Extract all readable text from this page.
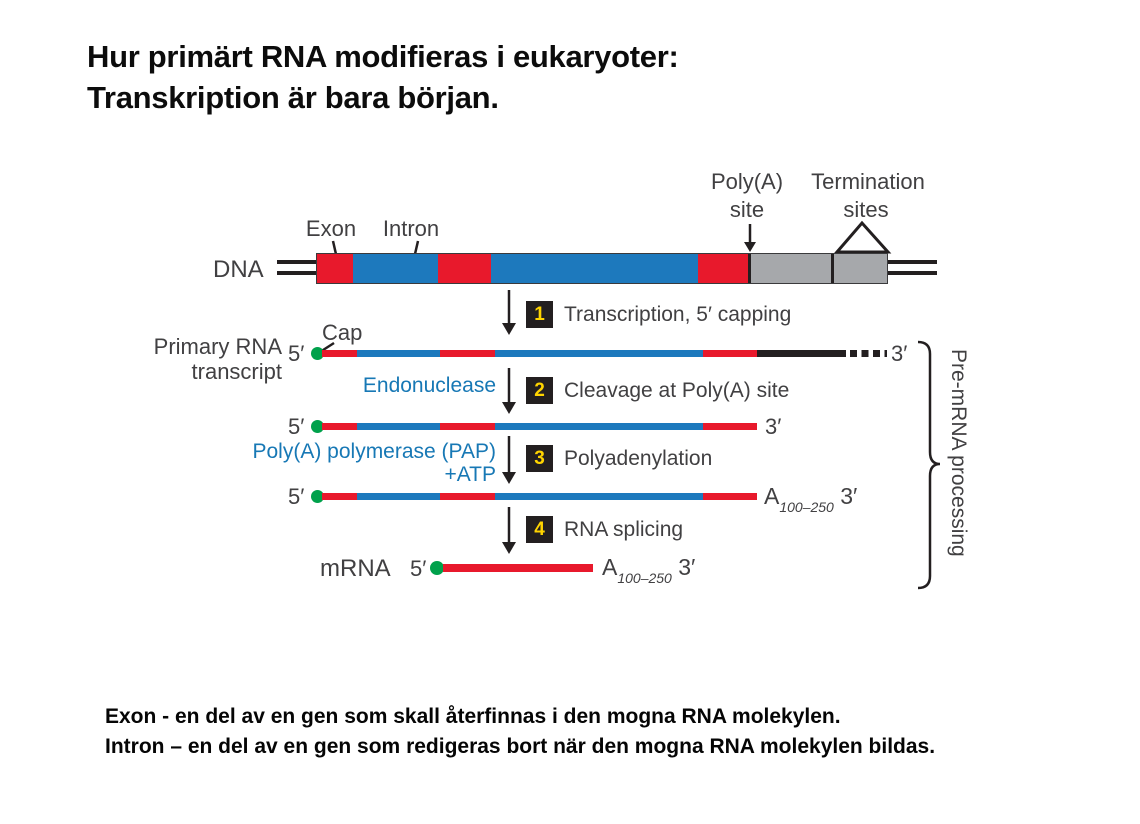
Hur primärt RNA modifieras i eukaryoter:
Transkription är bara början.
DNA
Exon Intron
Poly(A)
site
Termination
sites
1 Transcription, 5′ capping
Primary RNA
transcript
5′
Cap
3′
Endonuclease 2 Cleavage at Poly(A) site
5′	3′
Poly(A) polymerase (PAP)
+ATP
3 Polyadenylation
5′	$A_{100-250}$ 3′
4 RNA splicing
mRNA 5′	$A_{100-250}$ 3′
Pre-mRNA processing
Exon - en del av en gen som skall återfinnas i den mogna RNA molekylen.
Intron – en del av en gen som redigeras bort när den mogna RNA molekylen bildas.
